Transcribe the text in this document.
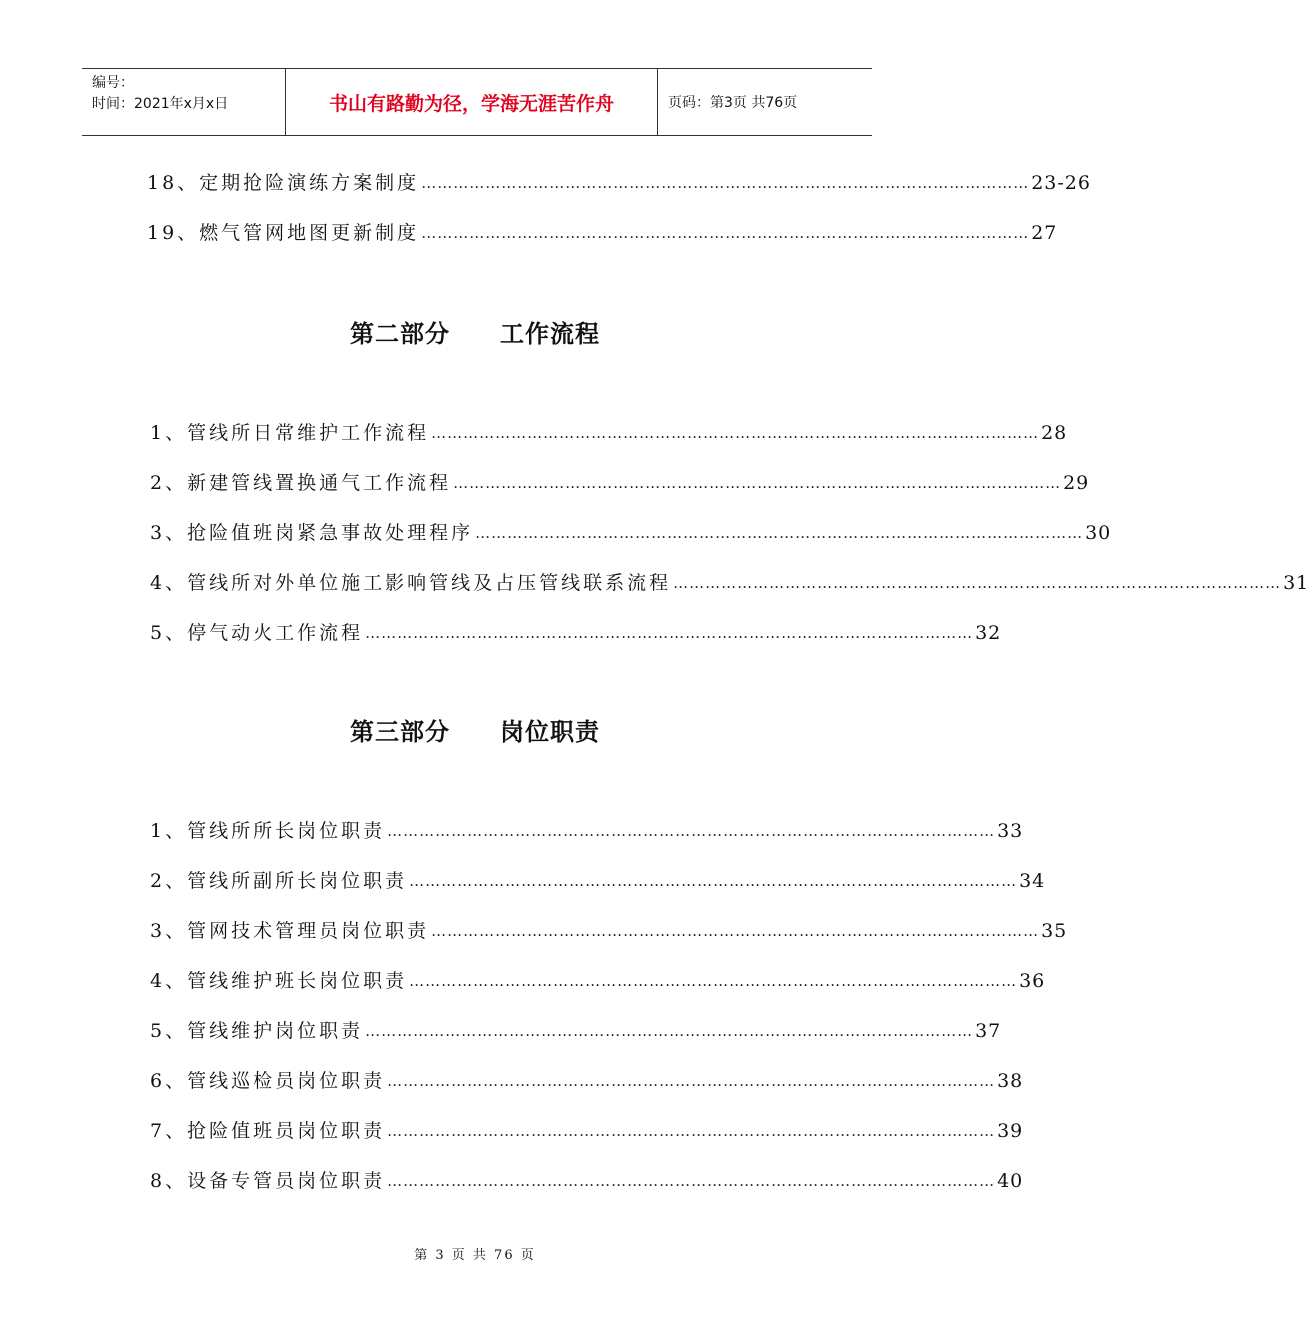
编号：
时间：2021年x月x日	书山有路勤为径，学海无涯苦作舟	页码：第3页 共76页
18、定期抢险演练方案制度 …………………………………………………………………………………………………… 23-26
19、燃气管网地图更新制度 …………………………………………………………………………………………………… 27
第二部分 工作流程
1、管线所日常维护工作流程 …………………………………………………………………………………………………… 28
2、新建管线置换通气工作流程 …………………………………………………………………………………………………… 29
3、抢险值班岗紧急事故处理程序 …………………………………………………………………………………………………… 30
4、管线所对外单位施工影响管线及占压管线联系流程 …………………………………………………………………………………………………… 31
5、停气动火工作流程 …………………………………………………………………………………………………… 32
第三部分 岗位职责
1、管线所所长岗位职责 …………………………………………………………………………………………………… 33
2、管线所副所长岗位职责 …………………………………………………………………………………………………… 34
3、管网技术管理员岗位职责 …………………………………………………………………………………………………… 35
4、管线维护班长岗位职责 …………………………………………………………………………………………………… 36
5、管线维护岗位职责 …………………………………………………………………………………………………… 37
6、管线巡检员岗位职责 …………………………………………………………………………………………………… 38
7、抢险值班员岗位职责 …………………………………………………………………………………………………… 39
8、设备专管员岗位职责 …………………………………………………………………………………………………… 40
第 3 页 共 76 页
